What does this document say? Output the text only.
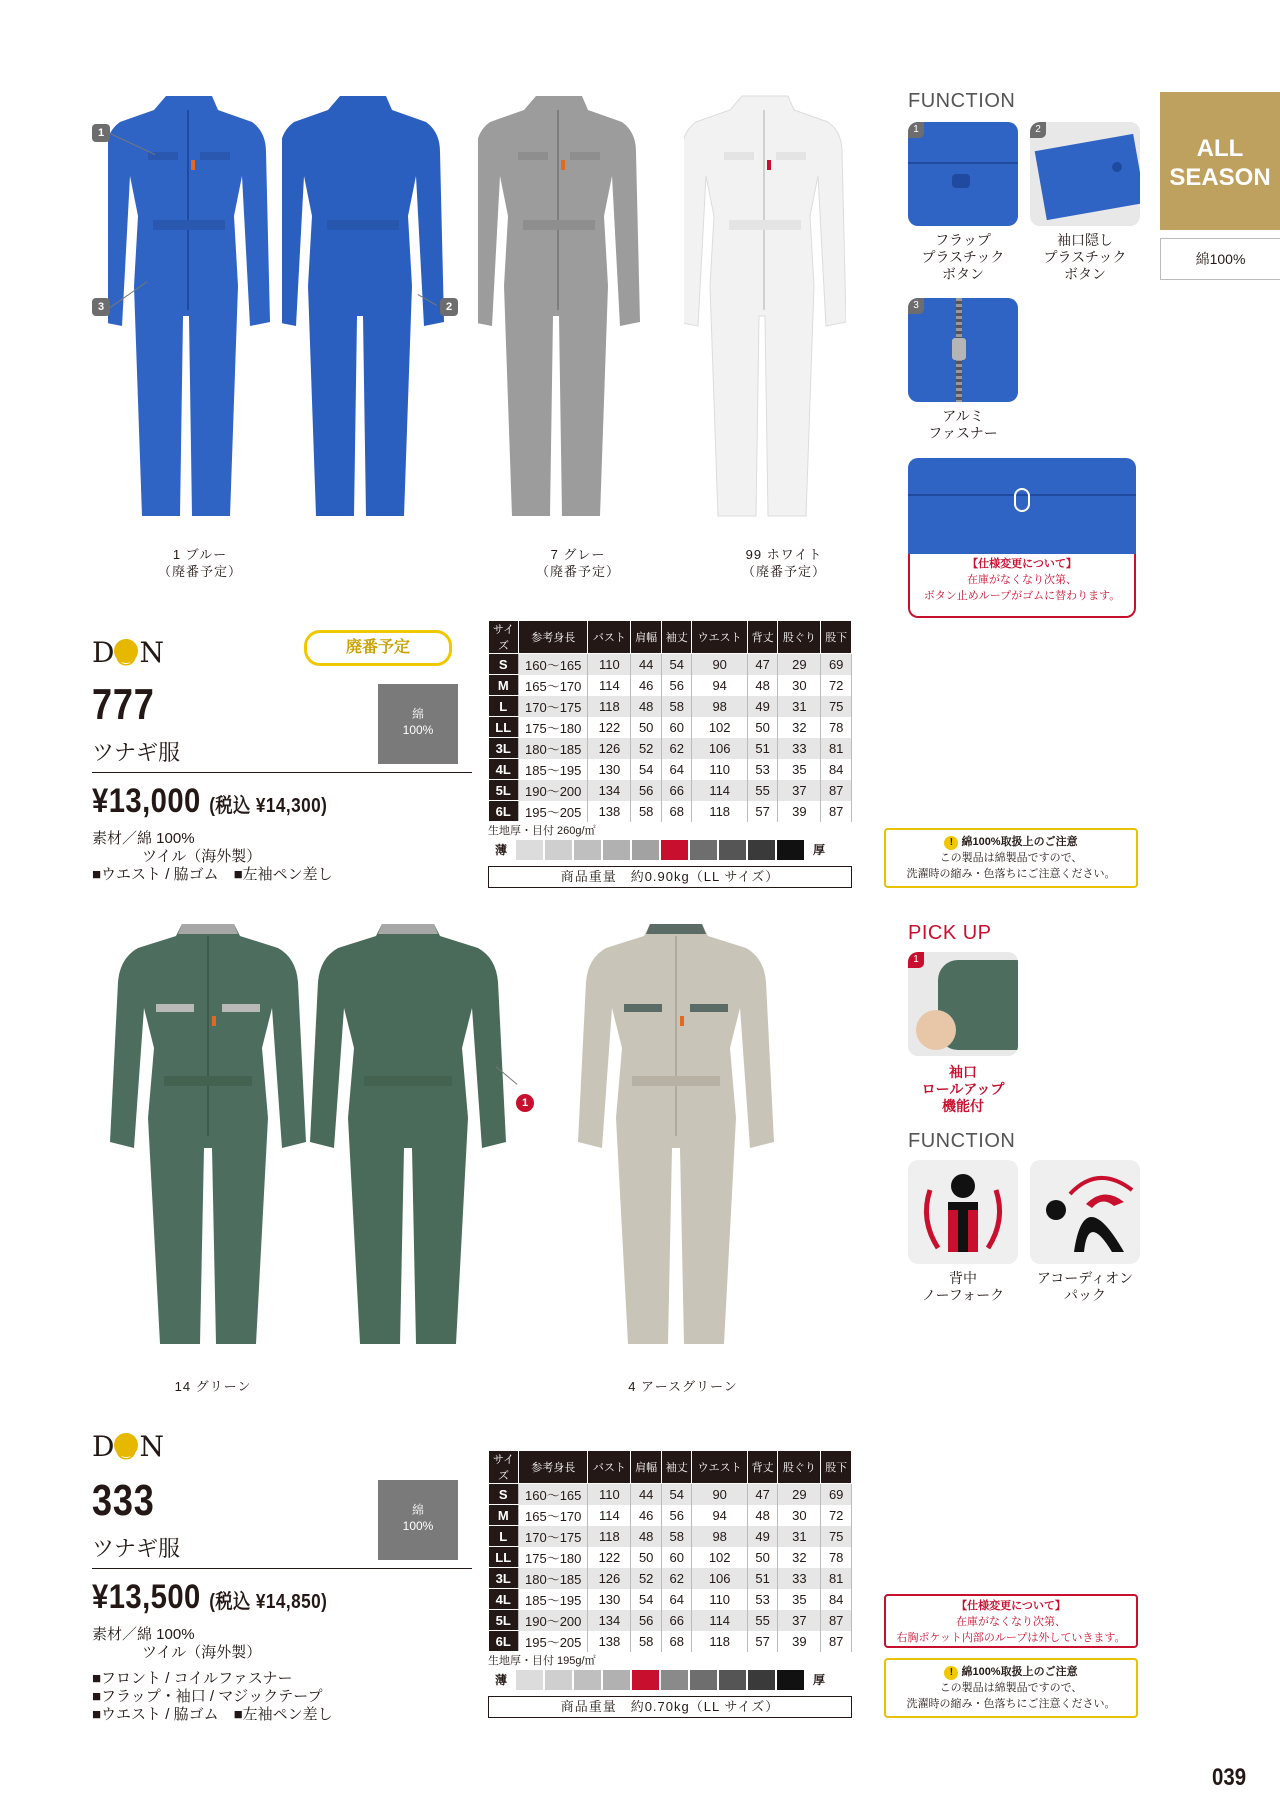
1
3	2
1 ブルー
（廃番予定）
7 グレー
（廃番予定）
99 ホワイト
（廃番予定）
ALL
SEASON
綿100%
FUNCTION
1
フラップ
プラスチック
ボタン
2
袖口隠し
プラスチック
ボタン
3
アルミ
ファスナー
【仕様変更について】
在庫がなくなり次第、
ボタン止めループがゴムに替わります。
DO N	廃番予定
777
ツナギ服
綿
100%
¥13,000 (税込 ¥14,300)
素材／綿 100%
ツイル（海外製）
■ウエスト / 脇ゴム　■左袖ペン差し
サイズ	参考身長	バスト	肩幅	袖丈	ウエスト	背丈	股ぐり	股下
S	160～165	110	44	54	90	47	29	69
M	165～170	114	46	56	94	48	30	72
L	170～175	118	48	58	98	49	31	75
LL	175～180	122	50	60	102	50	32	78
3L	180～185	126	52	62	106	51	33	81
4L	185～195	130	54	64	110	53	35	84
5L	190～200	134	56	66	114	55	37	87
6L	195～205	138	58	68	118	57	39	87
生地厚・目付 260g/㎡
薄	厚
商品重量　約0.90kg（LL サイズ）
! 綿100%取扱上のご注意
この製品は綿製品ですので、
洗濯時の縮み・色落ちにご注意ください。
1
14 グリーン	4 アースグリーン
PICK UP
1
袖口
ロールアップ
機能付
FUNCTION
背中
ノーフォーク
アコーディオン
パック
DO N
333
ツナギ服
綿
100%
¥13,500 (税込 ¥14,850)
素材／綿 100%
ツイル（海外製）
■フロント / コイルファスナー
■フラップ・袖口 / マジックテープ
■ウエスト / 脇ゴム　■左袖ペン差し
サイズ	参考身長	バスト	肩幅	袖丈	ウエスト	背丈	股ぐり	股下
S	160～165	110	44	54	90	47	29	69
M	165～170	114	46	56	94	48	30	72
L	170～175	118	48	58	98	49	31	75
LL	175～180	122	50	60	102	50	32	78
3L	180～185	126	52	62	106	51	33	81
4L	185～195	130	54	64	110	53	35	84
5L	190～200	134	56	66	114	55	37	87
6L	195～205	138	58	68	118	57	39	87
生地厚・目付 195g/㎡
薄	厚
商品重量　約0.70kg（LL サイズ）
【仕様変更について】
在庫がなくなり次第、
右胸ポケット内部のループは外していきます。
! 綿100%取扱上のご注意
この製品は綿製品ですので、
洗濯時の縮み・色落ちにご注意ください。
039
